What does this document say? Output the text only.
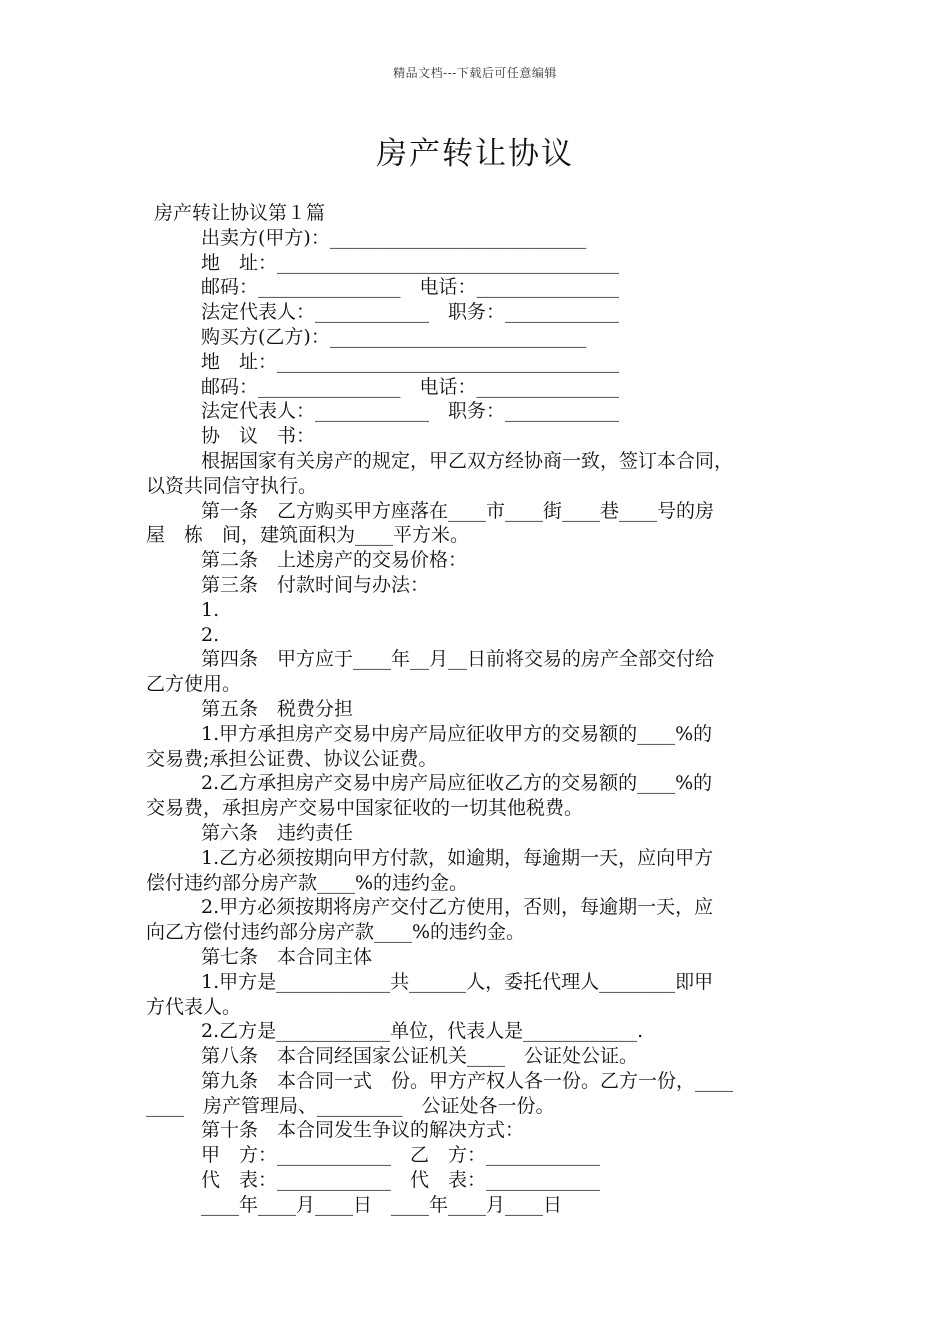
精品文档---下载后可任意编辑
房产转让协议
房产转让协议第１篇
出卖方(甲方)：___________________________
地　址：____________________________________
邮码：_______________　电话：_______________
法定代表人：____________　职务：____________
购买方(乙方)：___________________________
地　址：____________________________________
邮码：_______________　电话：_______________
法定代表人：____________　职务：____________
协　议　书：
根据国家有关房产的规定，甲乙双方经协商一致，签订本合同，
以资共同信守执行。
第一条　乙方购买甲方座落在____市____街____巷____号的房
屋　栋　间，建筑面积为____平方米。
第二条　上述房产的交易价格：
第三条　付款时间与办法：
1.
2.
第四条　甲方应于____年__月__日前将交易的房产全部交付给
乙方使用。
第五条　税费分担
1.甲方承担房产交易中房产局应征收甲方的交易额的____%的
交易费;承担公证费、协议公证费。
2.乙方承担房产交易中房产局应征收乙方的交易额的____%的
交易费，承担房产交易中国家征收的一切其他税费。
第六条　违约责任
1.乙方必须按期向甲方付款，如逾期，每逾期一天，应向甲方
偿付违约部分房产款____%的违约金。
2.甲方必须按期将房产交付乙方使用，否则，每逾期一天，应
向乙方偿付违约部分房产款____%的违约金。
第七条　本合同主体
1.甲方是____________共______人，委托代理人________即甲
方代表人。
2.乙方是____________单位，代表人是____________.
第八条　本合同经国家公证机关____　公证处公证。
第九条　本合同一式　份。甲方产权人各一份。乙方一份，____
____　房产管理局、_________　公证处各一份。
第十条　本合同发生争议的解决方式：
甲　方：____________　乙　方：____________
代　表：____________　代　表：____________
____年____月____日　____年____月____日
